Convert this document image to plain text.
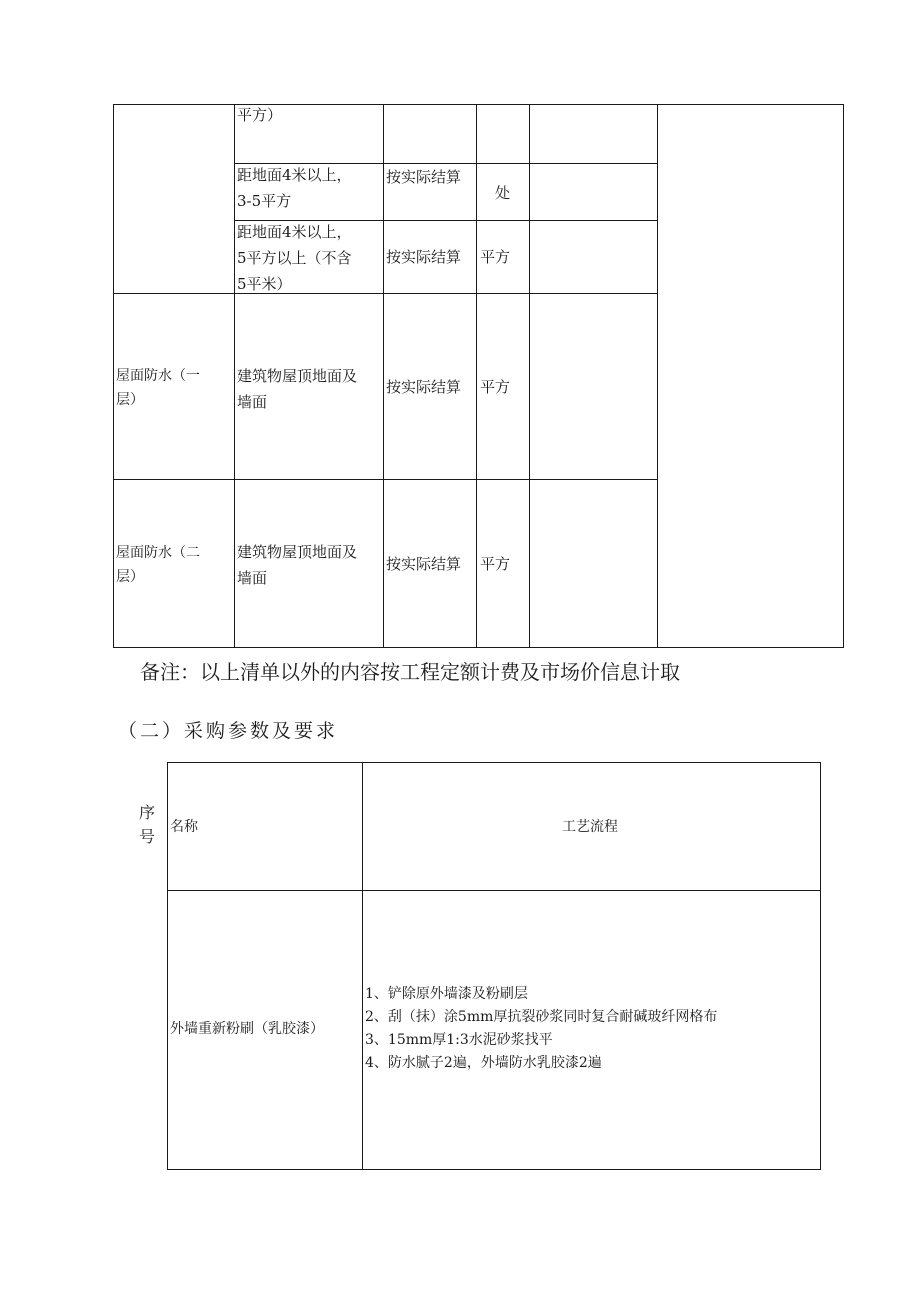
平方）
距地面4米以上，
3-5平方
按实际结算
处
距地面4米以上，
5平方以上（不含
5平米）
按实际结算 平方
屋面防水（一
层）
建筑物屋顶地面及
墙面
按实际结算 平方
屋面防水（二
层）
建筑物屋顶地面及
墙面
按实际结算 平方
备注：以上清单以外的内容按工程定额计费及市场价信息计取
（二）采购参数及要求
序
号 名称	工艺流程
外墙重新粉刷（乳胶漆）
1、铲除原外墙漆及粉刷层
2、刮（抹）涂5mm厚抗裂砂浆同时复合耐碱玻纤网格布
3、15mm厚1:3水泥砂浆找平
4、防水腻子2遍，外墙防水乳胶漆2遍
